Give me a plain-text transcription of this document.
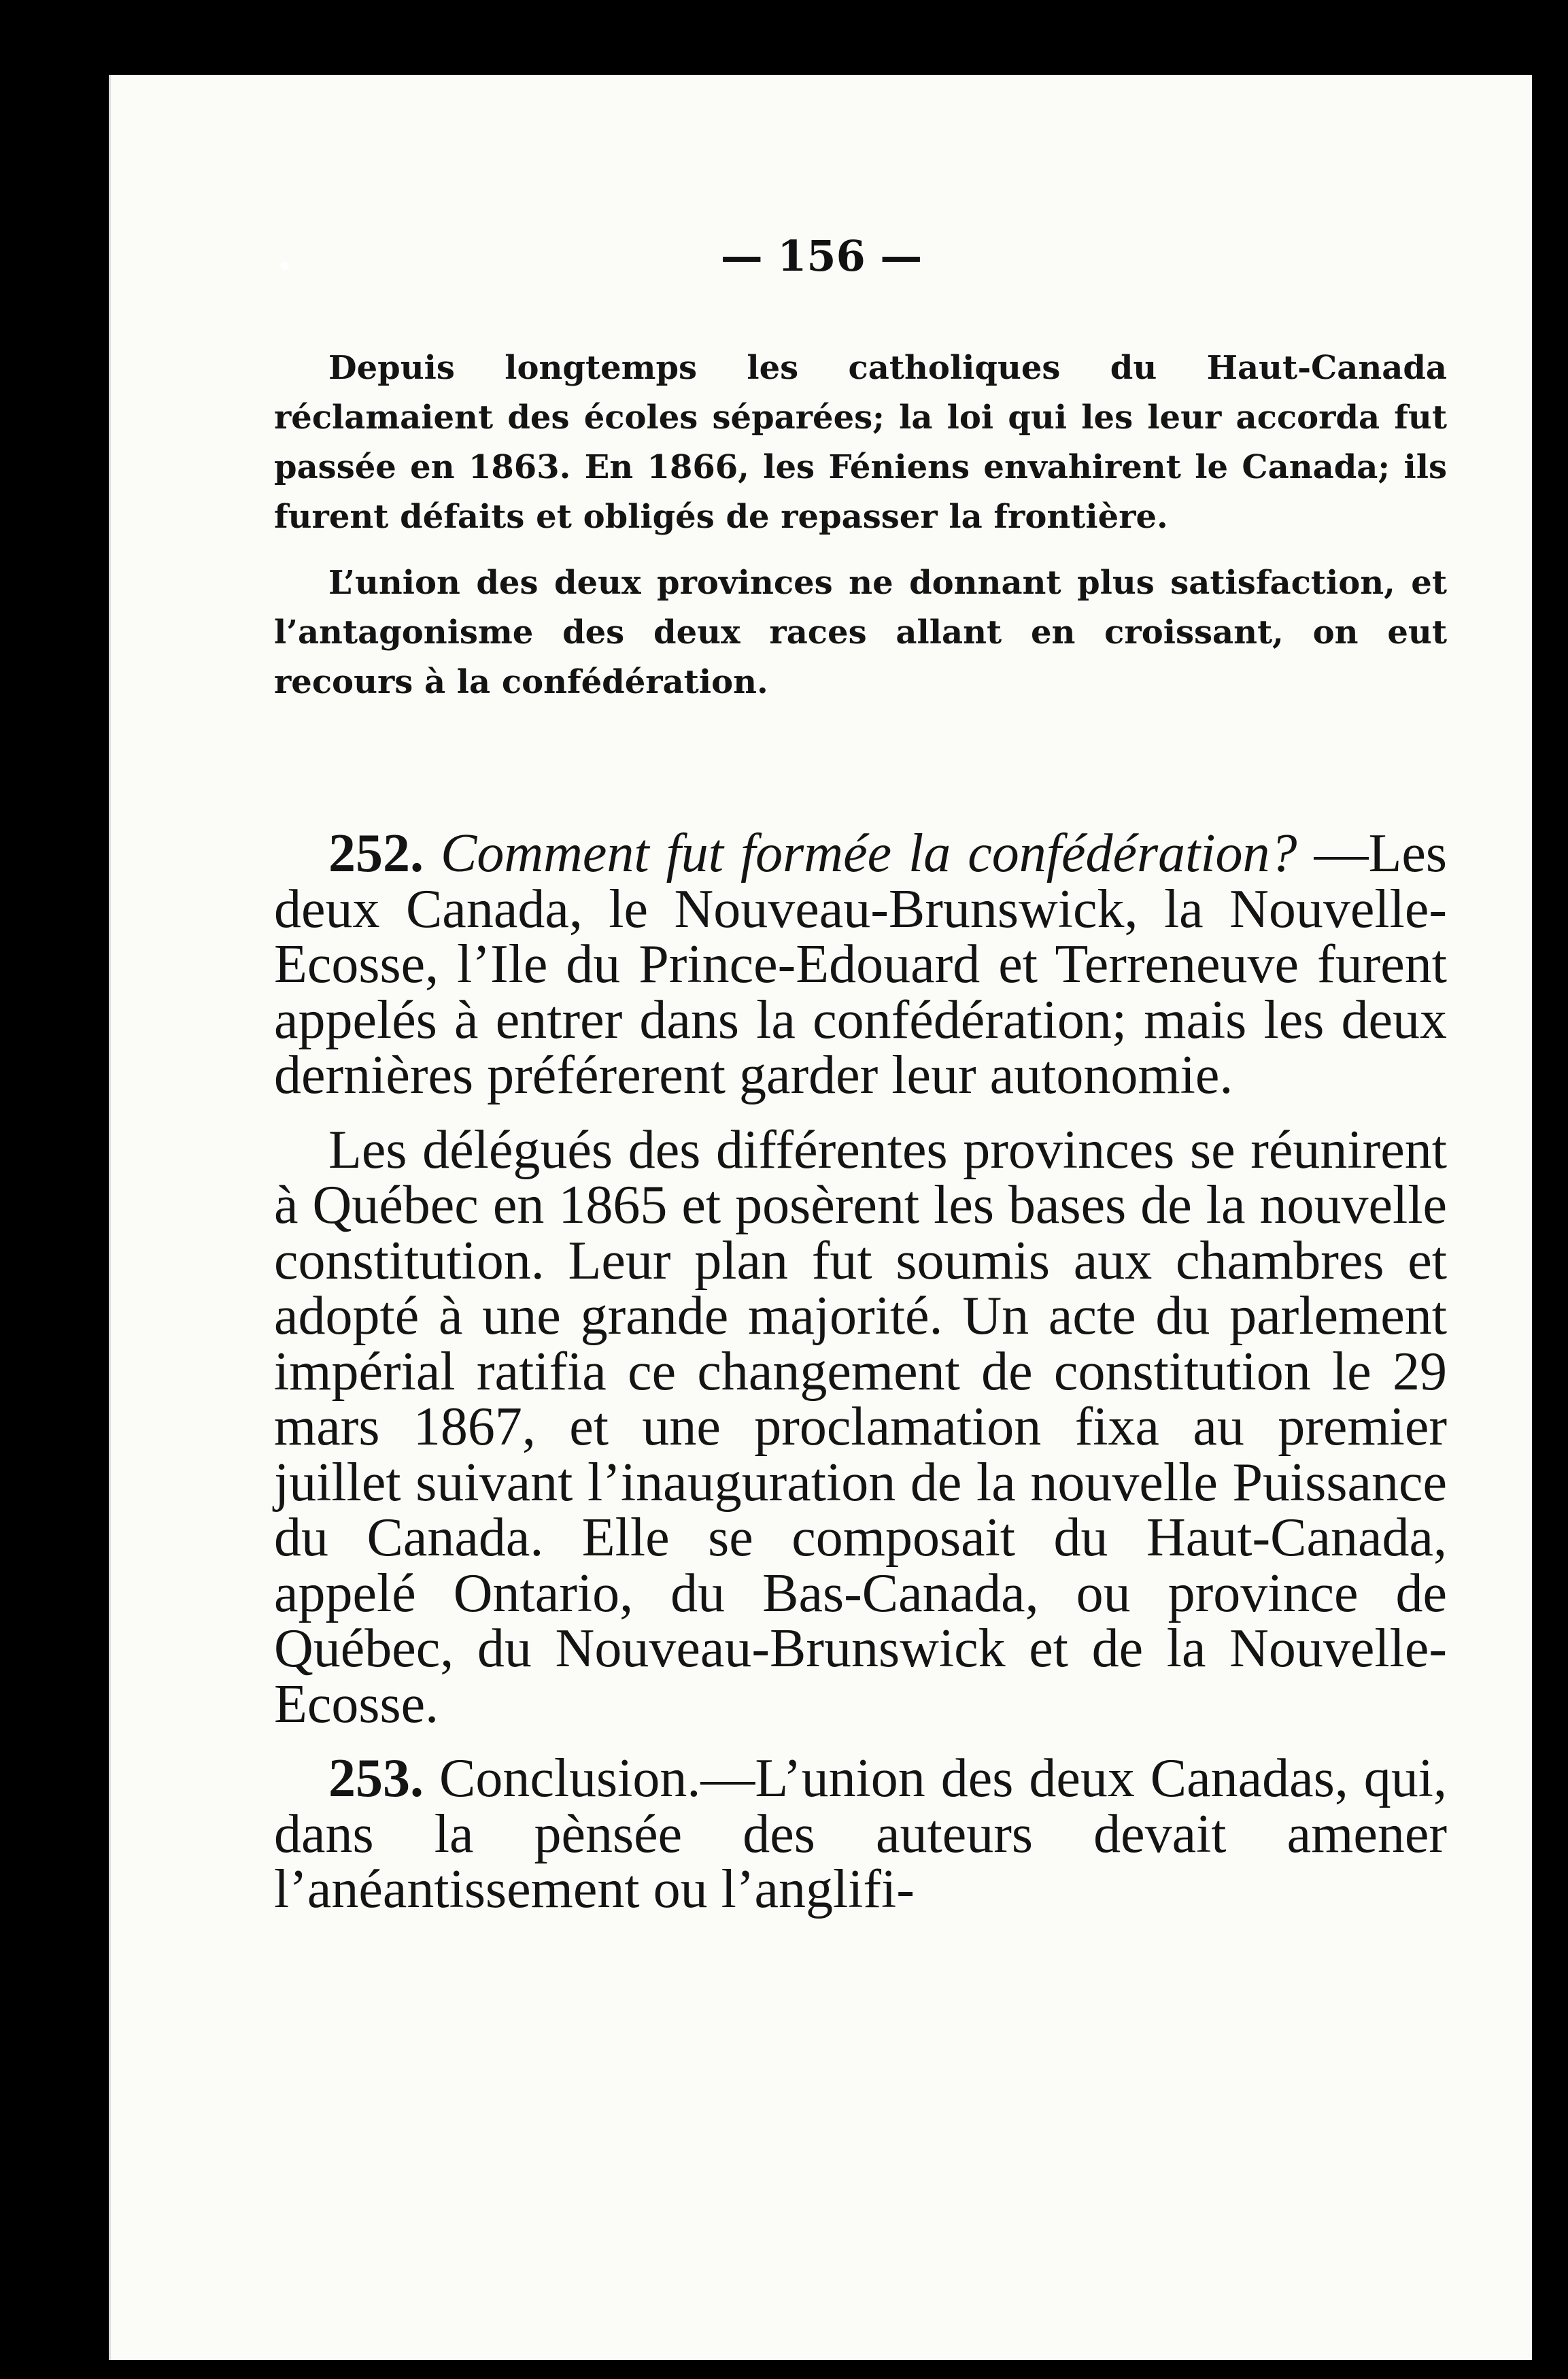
— 156 —

Depuis longtemps les catholiques du Haut-Canada réclamaient des écoles séparées; la loi qui les leur accorda fut passée en 1863. En 1866, les Féniens envahirent le Canada; ils furent défaits et obligés de repasser la frontière.

L’union des deux provinces ne donnant plus satisfaction, et l’antagonisme des deux races allant en croissant, on eut recours à la confédération.

252. Comment fut formée la confédération? —Les deux Canada, le Nouveau-Brunswick, la Nouvelle-Ecosse, l’Ile du Prince-Edouard et Terreneuve furent appelés à entrer dans la confédération; mais les deux dernières préférerent garder leur autonomie.

Les délégués des différentes provinces se réunirent à Québec en 1865 et posèrent les bases de la nouvelle constitution. Leur plan fut soumis aux chambres et adopté à une grande majorité. Un acte du parlement impérial ratifia ce changement de constitution le 29 mars 1867, et une proclamation fixa au premier juillet suivant l’inauguration de la nouvelle Puissance du Canada. Elle se composait du Haut-Canada, appelé Ontario, du Bas-Canada, ou province de Québec, du Nouveau-Brunswick et de la Nouvelle-Ecosse.

253. Conclusion.—L’union des deux Canadas, qui, dans la pènsée des auteurs devait amener l’anéantissement ou l’anglifi-
